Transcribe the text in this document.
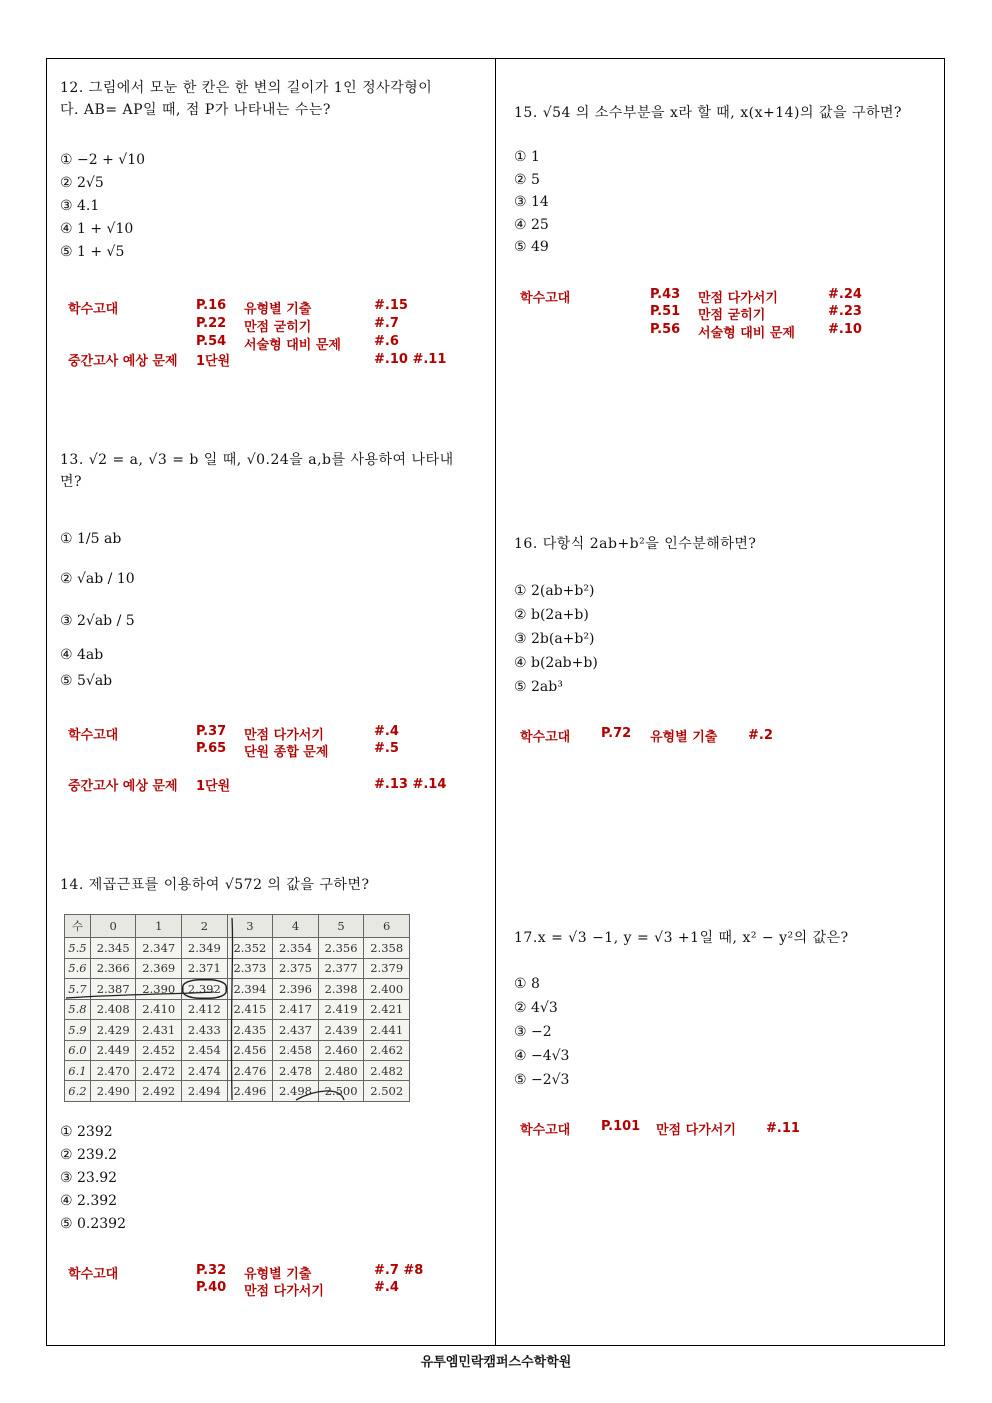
12. 그림에서 모눈 한 칸은 한 변의 길이가 1인 정사각형이
다. AB= AP일 때, 점 P가 나타내는 수는?
① −2 + √10
② 2√5
③ 4.1
④ 1 + √10
⑤ 1 + √5
학수고대	P.16 유형별 기출	#.15
P.22 만점 굳히기	#.7
P.54 서술형 대비 문제	#.6
중간고사 예상 문제 1단원	#.10 #.11
13. √2 = a, √3 = b 일 때, √0.24을 a,b를 사용하여 나타내
면?
① 1/5 ab
② √ab / 10
③ 2√ab / 5
④ 4ab
⑤ 5√ab
학수고대	P.37 만점 다가서기	#.4
P.65 단원 종합 문제	#.5
중간고사 예상 문제 1단원	#.13 #.14
14. 제곱근표를 이용하여 √572 의 값을 구하면?
수	0	1	2	3	4	5	6
5.5	2.345	2.347	2.349	2.352	2.354	2.356	2.358
5.6	2.366	2.369	2.371	2.373	2.375	2.377	2.379
5.7	2.387	2.390	2.392	2.394	2.396	2.398	2.400
5.8	2.408	2.410	2.412	2.415	2.417	2.419	2.421
5.9	2.429	2.431	2.433	2.435	2.437	2.439	2.441
6.0	2.449	2.452	2.454	2.456	2.458	2.460	2.462
6.1	2.470	2.472	2.474	2.476	2.478	2.480	2.482
6.2	2.490	2.492	2.494	2.496	2.498	2.500	2.502
① 2392
② 239.2
③ 23.92
④ 2.392
⑤ 0.2392
학수고대	P.32 유형별 기출	#.7 #8
P.40 만점 다가서기	#.4
15. √54 의 소수부분을 x라 할 때, x(x+14)의 값을 구하면?
① 1
② 5
③ 14
④ 25
⑤ 49
학수고대	P.43 만점 다가서기	#.24
P.51 만점 굳히기	#.23
P.56 서술형 대비 문제	#.10
16. 다항식 2ab+b²을 인수분해하면?
① 2(ab+b²)
② b(2a+b)
③ 2b(a+b²)
④ b(2ab+b)
⑤ 2ab³
학수고대 P.72 유형별 기출 #.2
17.x = √3 −1, y = √3 +1일 때, x² − y²의 값은?
① 8
② 4√3
③ −2
④ −4√3
⑤ −2√3
학수고대 P.101 만점 다가서기 #.11
유투엠민락캠퍼스수학학원
